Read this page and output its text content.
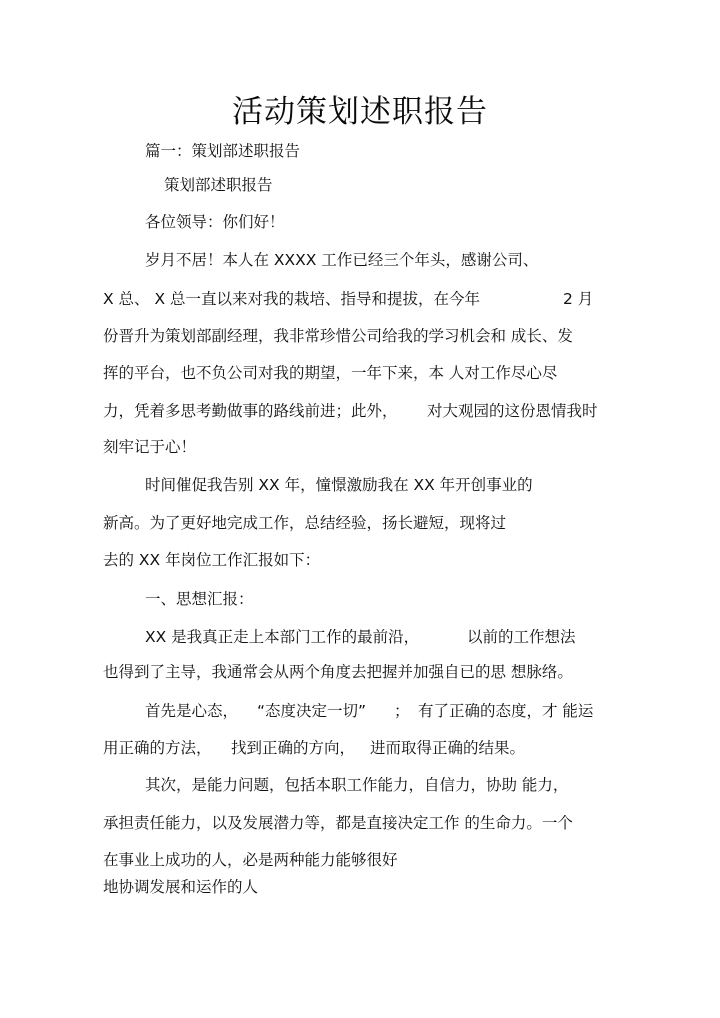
活动策划述职报告
篇一：策划部述职报告
策划部述职报告
各位领导：你们好！
岁月不居！本人在 XXXX 工作已经三个年头，感谢公司、
X 总、 X 总一直以来对我的栽培、指导和提拔，在今年	2 月
份晋升为策划部副经理，我非常珍惜公司给我的学习机会和 成长、发
挥的平台，也不负公司对我的期望，一年下来，本 人对工作尽心尽
力，凭着多思考勤做事的路线前进；此外， 对大观园的这份恩情我时
刻牢记于心！
时间催促我告别 XX 年，憧憬激励我在 XX 年开创事业的
新高。为了更好地完成工作，总结经验，扬长避短，现将过
去的 XX 年岗位工作汇报如下：
一、思想汇报：
XX 是我真正走上本部门工作的最前沿，	以前的工作想法
也得到了主导，我通常会从两个角度去把握并加强自已的思 想脉络。
首先是心态， “态度决定一切” ； 有了正确的态度，才 能运
用正确的方法， 找到正确的方向， 进而取得正确的结果。
其次，是能力问题，包括本职工作能力，自信力，协助 能力，
承担责任能力，以及发展潜力等，都是直接决定工作 的生命力。一个
在事业上成功的人，必是两种能力能够很好
地协调发展和运作的人
